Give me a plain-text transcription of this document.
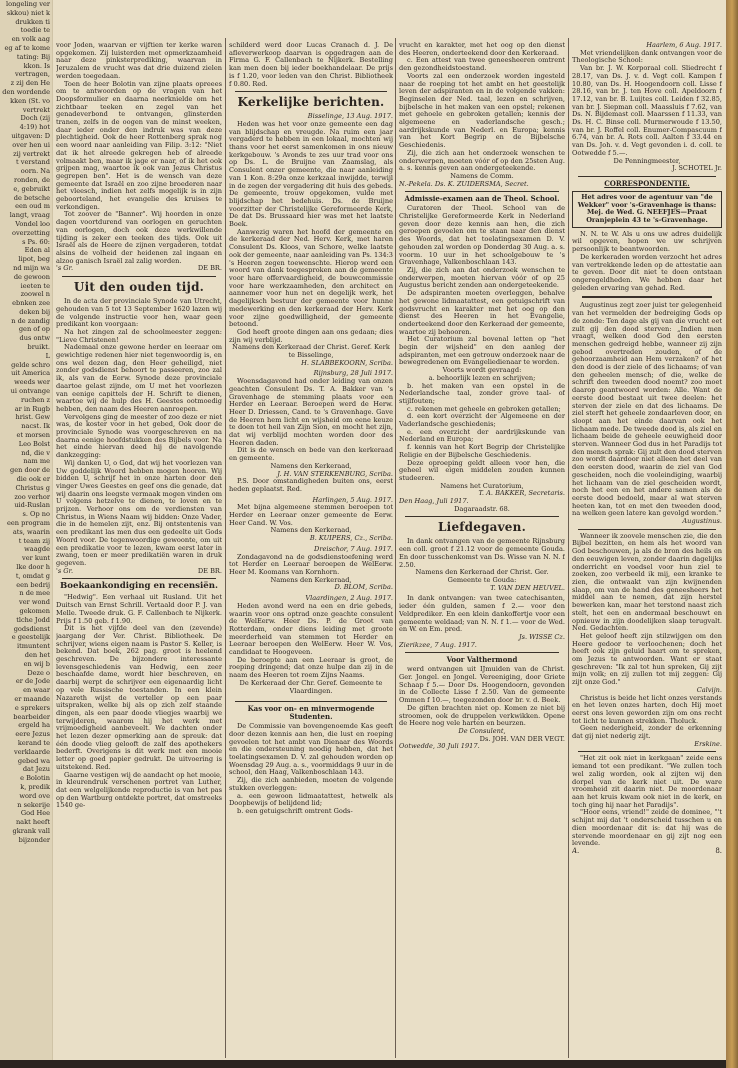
longeling ver
skkou) niet k
drukken ti
toedie te
en volk aag
eg af te kome
tating: Bij
kkon. Is
vertragen,
z zij den He
den wordende
kken (St. vo
vertrekt
Doch (zij
4:19) hot
uitgaven: D
over hen ui
zij vertrekt
t verstand
oorn. Na
ronden, de
e, gebruikt
de betsche
een oud m
langt, vraag
Vondel loo
overzetting
s Ps. 60:
Eden al
lipot, beg
nd mijn wa
de gewoon
ieeten te
zoowel n
ebnken zee
deken bij
n de zandig
gen of op
dus ontw
bruikt.
L
gelde schro
uit America
weeds wer
ui ontvange
ruchen z
ar in Rugb
hrist. Gew
nacst. Ik
et morsen
Leo Bolst
nd, die v
nam me
gen door de
die ook er
Christus g
zoo verhor
uid-Ruslan
s. Op no
een program
ats, waarin
t team zij
waagde
ver kunt
lke door h
t, omdat g
een bedrij
n de mee
ver wond
gekomen
tlche Jodd
godsdienst
e geestelijk
itmuntent
den het
en wij b
Deze o
er de Jode
en waar
er maande
e sprekers
bearbeider
ergeld ha
eere Jezus
kerand te
verklaarde
gebed wa
dat Jezu
e Bolotin
k, predik
word ove
n sekerije
God Hee
nakt heeft
gkrank vall
bijzonder

voor Joden, waarvan er vijftien ter kerke waren opgekomen. Zij luisterden met opmerkzaamheid naar deze pinksterprediking, waarvan in Jeruzalem de vrucht was dat drie duizend zielen werden toegedaan.

Toen de heer Bolotin van zijne plaats opreees om te antwoorden op de vragen van het Doopsformulier en daarna neerknielde om het zichtbaar teeken en zegel van het genadeverbond te ontvangen, glinsterden tranen, zelfs in de oogen van de minst weeken, daar ieder onder den indruk was van deze plechtigheid. Ook de heer Rottenberg sprak nog een woord naar aanleiding van Filip. 3:12: "Niet dat ik het alreede gekregen heb of alreede volmaakt ben, maar ik jage er naar, of ik het ook grijpen mag, waartoe ik ook van Jezus Christus gegrepen ben". Het is de wensch van deze gemeente dat Israël en zoo zijne broederen naar het vleesch, indien het zelfs mogelijk is in zijn geboorteland, het evangelie des kruises te verkondigen.

Tot zoover de "Banner". Wij hoorden in onze dagen voortdurend van oorlogen en geruchten van oorlogen, doch ook deze werkwillende tijding is zeker een teeken des tijds. Ook uit Israël als de Heere de zijnen vergaderen, totdat alsins de volheid der heidenen zal ingaan en alzoo ganisch Israël zal zalig worden.

's Gr.	DE BR.

Uit den ouden tijd.

In de acta der provinciale Synode van Utrecht, gehouden van 5 tot 13 September 1620 lazen wij de volgende instructie voor hen, waar geen predikant kon voorgaan:

Na het zingen zal de schoolmeester zeggen: "Lieve Christenen!

Nademaal onze gewone herder en leeraar om gewichtige redenen hier niet tegenwoordig is, en ons wel dezen dag, den Heer geheiligd, niet zonder godsdienst behoort te passeeren, zoo zal ik, als van de Eerw. Synode deze provinciale daartoe gelast zijnde, om U met het voorlezen van eenige capittels der H. Schrift te dienen, waartoe wij de hulp des H. Geestes ootmoedig hebben, den naam des Heeren aanroepen.

Vervolgens ging de meester of zoo deze er niet was, de koster voor in het gebed, Ook door de provinciale Synode was voorgeschreven en na daarna eenige hoofdstukken des Bijbels voor. Na het einde hiervan deed hij de navolgende dankzegging:

Wij danken U, o God, dat wij het voorlezen van Uw goddelijk Woord hebben mogen hooren. Wij bidden U, schrijf het in onze harten door den vinger Uwes Geestes en geef ons die genade, dat wij daarin ons leegste vermaak mogen vinden om U volgens hetzelve te dienen, te loven en te prijzen. Verhoor ons om de verdiensten van Christus, in Wiens Naam wij bidden: Onze Vader, die in de hemelen zijt, enz. Bij ontstentenis van een predikant las men dus een gedeelte uit Gods Woord voor. De tegenwoordige gewoonte, om uit een predikatie voor te lezen, kwam eerst later in zwang, toen er meer predikatiën waren in druk gegeven.

's Gr.	DE BR.

Boekaankondiging en recensiën.

"Hedwig". Een verhaal uit Rusland. Uit het Duitsch van Ernst Schrill. Vertaald door P. J. van Melle. Tweede druk. G. F. Callenbach te Nijkerk. Prijs f 1.50 geb. f 1.90.

Dit is het vijfde deel van den (zevende) jaargang der Ver. Christ. Bibliotheek. De schrijver, wiens eigen naam is Pastor S. Keller, is bekend. Dat boek, 262 pag. groot is heelend geschreven. De bijzondere interessante levensgeschiedenis van Hedwig, een zeer beschaafde dame, wordt hier beschreven, en daarbij werpt de schrijver een eigenaardig licht op vele Russische toestanden. In een klein Nazareth wijst de verteller op een paar uitspraken, welke bij als op zich zelf staande dingen, als een paar doode vliegjes waarbij we terwijderen, waarom hij het werk met vrijmoedigheid aanbeveelt. We dachten onder het lezen dezer opmerking aan de spreuk: dat één doode vlieg gelooft de zalf des apothekers bederft. Overigens is dit werk met een mooie letter op goed papier gedrukt. De uitvoering is uitstekend. Red.

Gaarne vestigen wij de aandacht op het mooie, in kleurendruk verschenen portret van Luther, dat een welgelijkende reproductie is van het pas op den Wartburg ontdekte portret, dat omstreeks 1540 ge-

schilderd werd door Lucas Cranach d. J. De afleverwerkoop daarvan is opgedragen aan de Firma G. F. Callenbach te Nijkerk. Bestelling kan men doen bij ieder boekhandelaar. De prijs is f 1.20, voor leden van den Christ. Bibliotheek f 0.80. Red.

Kerkelijke berichten.

Bisselinge, 13 Aug. 1917.

Heden was het voor onze gemeente een dag van blijdschap en vreugde. Na ruim een jaar vergaderd te hebben in een lokaal, mochten wij thans voor het eerst samenkomen in ons nieuw kerkgebouw. 's Avonds te zes uur trad voor ons op Ds. L. de Bruijne van Zaamslag, als Consulent onzer gemeente, die naar aanleiding van 1 Kon. 8:29a onze kerkzaal inwijdde, terwijl in de zegen der vergadering dit huis des gebeds. De gemeente, trouw opgekomen, vulde met blijdschap het bedehuis. Ds. de Bruijne voorzitter der Christelijke Gereformeerde Kerk, De dat Ds. Brussaard hier was met het laatste Boek.

Aanwezig waren het hoofd der gemeente en de kerkeraad der Ned. Herv. Kerk, met haren Consulent Ds. Kloos, van Schore, welke laatste ook der gemeente, naar aanleiding van Ps. 134:3 's Heeren zegen toewenschte. Hierop werd een woord van dank toegesproken aan de gemeente voor hare offervaardigheid, de bouwcommissie voor hare werkzaamheden, den architect en aannemer voor hun net en degelijk werk, het dagelijksch bestuur der gemeente voor hunne medewerking en den kerkeraad der Herv. Kerk voor zijne goedwilligheid, der gemeente betoond.

God heeft groote dingen aan ons gedaan; dies zijn wij verblijd.

Namens den Kerkeraad der Christ. Geref. Kerk te Bisselinge,

H. SLABBEKOORN, Scriba.

Rijnsburg, 28 Juli 1917.

Woensdagavond had onder leiding van onzen geachten Consulent Ds. T. A. Bakker van 's Gravenhage de stemming plaats voor een Herder en Leeraar. Beroepen werd de Herw. Heer D. Driessen, Cand. te 's Gravenhage. Gave de Heeren hem licht en wijsheid om eene keuze te doen tot heil van Zijn Sion, en mocht het zijn, dat wij verblijd mochten worden door des Heeren daden.

Dit is de wensch en bede van den kerkeraad en gemeente.

Namens den Kerkeraad,

J. H. VAN STERKENBURG, Scriba.

P.S. Door omstandigheden buiten ons, eerst heden geplaatst. Red.

Harlingen, 5 Aug. 1917.

Met bijna algemeene stemmen beroepen tot Herder en Leeraar onzer gemeente de Eerw. Heer Cand. W. Vos.

Namens den Kerkeraad,

B. KUIPERS, Cz., Scriba.

Dreischor, 7 Aug. 1917.

Zondagavond na de godsdienstoefening werd tot Herder en Leeraar beroepen de WelEerw. Heer M. Koomans van Kornhorn.

Namens den Kerkeraad,

D. BLOM, Scriba.

Vlaardingen, 2 Aug. 1917.

Heden avond werd na een en drie gebeds, waarin voor ons optrad onze geachte consulent de WelEerw. Heer Ds. P. de Groot van Rotterdam, onder diens leiding met groote meerderheid van stemmen tot Herder en Leeraar beroepen den WelEerw. Heer W. Vos, candidaat te Hoogeveen.

De beroepte aan een Leeraar is groot, de roeping dringend; dat onze hulpe dan zij in de naam des Heeren tot roem Zijns Naams.

De Kerkeraad der Chr. Geref. Gemeente te Vlaardingen.

Kas voor on- en minvermogende Studenten.

De Commissie van bovengenoemde Kas geeft door dezen kennis aan hen, die lust en roeping gevoelen tot het ambt van Dienaar des Woords en die ondersteuning noodig hebben, dat het toelatingsexamen D. V. zal gehouden worden op Woensdag 29 Aug. a. s., voormiddags 9 uur in de school, den Haag, Valkenboschlaan 143.

Zij, die zich aanbieden, moeten de volgende stukken overleggen:

a. een gewoon lidmaatattest, hetwelk als Doopbewijs of belijdend lid;

b. een getuigschrift omtrent Gods-

vrucht en karakter, met het oog op den dienst des Heeren, onderteekend door den Kerkeraad.

c. Een attest van twee geneesheeren omtrent den gezondheidstoestand.

Voorts zal een onderzoek worden ingesteld naar de roeping tot het ambt en het geestelijk leven der adspiranten en in de volgende vakken: Beginselen der Ned. taal, lezen en schrijven, bijbelsche in het maken van een opstel; rekenen met gehoele en gebroken getallen; kennis der algemeene en vaderlandsche gesch.; aardrijkskunde van Nederl. en Europa; kennis van het Kort Begrip en de Bijbelsche Geschiedenis.

Zij, die zich aan het onderzoek wenschen te onderwerpen, moeten vóór of op den 25sten Aug. a. s. kennis geven aan ondergeteekende.

Namens de Comm.

N.-Pekela. Ds. K. ZUIDERSMA, Secret.

Admissie-examen aan de Theol. School.

Curatoren der Theol. School van de Christelijke Gereformeerde Kerk in Nederland geven door deze kennis aan hen, die zich geroepen gevoelen om te staan naar den dienst des Woords, dat het toelatingsexamen D. V. gehouden zal worden op Donderdag 30 Aug. a. s. voorm. 10 uur in het schoolgebouw te 's Gravenhage, Valkenboschlaan 143.

Zij, die zich aan dat onderzoek wenschen te onderwerpen, moeten hiervan vóór of op 25 Augustus bericht zenden aan ondergeteekende.

De adspiranten moeten overleggen, behalve het gewone lidmaatattest, een getuigschrift van godsvrucht en karakter met het oog op den dienst des Heeren in het Evangelie, onderteekend door den Kerkeraad der gemeente, waartoe zij behooren.

Het Curatorium zal bovenal letten op "het begin der wijsheid" en den aanleg der adspiranten, met een getrouw onderzoek naar de bewegredenen om Evangeliedienaar te worden.

Voorts wordt gevraagd:

a. behoorlijk lezen en schrijven;

b. het maken van een opstel in de Nederlandsche taal, zonder grove taal- of stijlfouten;

c. rekenen met geheele en gebroken getallen;

d. een kort overzicht der Algemeene en der Vaderlandsche geschiedenis;

e. een overzicht der aardrijkskunde van Nederland en Europa;

f. kennis van het Kort Begrip der Christelijke Religie en der Bijbelsche Geschiedenis.

Deze oproeping geldt alleen voor hen, die geheel wil eigen middelen zouden kunnen studeeren.

Namens het Curatorium,

T. A. BAKKER, Secretaris.

Den Haag, Juli 1917.

Dagaraadstr. 68.

Liefdegaven.

In dank ontvangen van de gemeente Rijnsburg een coll. groot f 21.12 voor de gemeente Gouda. En door tusschenkomst van Ds. Wisse van N. N. f 2.50.

Namens den Kerkeraad der Christ. Ger. Gemeente te Gouda:

T. VAN DEN HEUVEL.

In dank ontvangen: van twee catechisanten, ieder één gulden, samen f 2.— voor den Veldprediker. En een klein dankoffertje voor een gemeente weldaad; van N. N. f 1.— voor de Wed. en W. en Em. pred.

Js. WISSE Cz.

Zierikzee, 7 Aug. 1917.

Voor Valthermond

werd ontvangen uit IJmuiden van de Christ. Ger. Jongel. en Jongel. Vereeniging, door Griete Schaap f 5.— Door Ds. Hoogendoorn, gevonden in de Collecte Lisse f 2.50. Van de gemeente Ommen f 10.—, toegezonden door br. v. d. Beek.

De giften brachten niet op. Komen ze niet bij stroomen, ook de druppelen verkwikken. Opene de Heere nog vele harten en beurzen.

De Consulent,

Ds. JOH. VAN DER VEGT.

Ootwedde, 30 Juli 1917.

Haarlem, 6 Aug. 1917.

Met vriendelijken dank ontvangen voor de Theologische School:

Van br. J. W. Korporaal coll. Sliedrecht f 28.17, van Ds. J. v. d. Vegt coll. Kampen f 10.80, van Ds. H. Hoogendoorn coll. Lisse f 28.16, van br. J. ten Hove coll. Apeldoorn f 17.12, van br. B. Luijtes coll. Leiden f 32.85, van br. J. Siepman coll. Maassluis f 7.62, van Ds. N. Bijdemast coll. Maarssen f 11.33, van Ds. H. C. Binse coll. Murmerwoude f 13.50, van br. J. Roffel coll. Enumer-Compascuum f 6.74, van br. A. Rots coll. Aalten f 33.44 en van Ds. Joh. v. d. Vegt gevonden i. d. coll. te Ootwedde f 5.—.

De Penningmeester,

J. SCHOTEL Jr.

CORRESPONDENTIE.

Het adres voor de agentuur van "de Wekker" voor 's-Gravenhage is thans:

Mej. de Wed. G. NEEFJES—Praat

Oranjeplein 43 te 's-Gravenhage.

N. N. te W. Als u ons uw adres duidelijk wil opgeven, hopen we uw schrijven persoonlijk te beantwoorden.

De kerkeraden worden verzocht het adres van vertrekkende leden op de attestatie aan te geven. Door dit niet te doen ontstaan ongeregeldheden. We hebben daar het geleden ervaring van gehad. Red.

Augustinus zegt zoer juist ter gelegenheid van het vermelden der bedreiging Gods op de zonde: Ten dage als gij van die vrucht eet zult gij den dood sterven: „Indien men vraagt, welken dood God den eersten menschen gedreigd hebbe, wanneer zij zijn gebod overtreden zouden, of de gehoorzaamheid aan Hem verzaken? of het den dood is der ziele of des lichaams; of van den geheelen mensch; of die, welke de schrift den tweeden dood noemt? zoo moet daarop geantwoord worden: Alle. Want de eerste dood bestaat uit twee deelen: het sterven der ziele en dat des lichaams. De ziel sterft het geheele zondaarleven door, en sloopt aan het einde daarvan ook het lichaam mede. De tweede dood is, als ziel en lichaam beide de geheele eeuwigheid door sterven. Wanneer God dus in het Paradijs tot den mensch sprak: Gij zult den dood sterven zoo wordt daardoor niet alleen het deel van den eersten dood, waarin de ziel van God gescheiden, noch die vooleindiging, waarbij het lichaam van de ziel gescheiden wordt, noch het een en het andere samen als de eerste dood bedoeld, maar al wat sterven heeten kan, tot en met den tweeden dood, na welken geen latere kan gevolgd worden."

Augustinus.

Wanneer ik zoovele menschen zie, die den Bijbel bezitten, en hem als het woord van God beschouwen, ja als de bron des heils en den eeuwigen leven, zonder daarin dagelijks onderricht en voedsel voor hun ziel te zoeken, zoo verbeeld ik mij, een kranke te zien, die ontwaakt van zijn kwijnenden slaap, om van de hand des geneesheers het middel aan te nemen, dat zijn herstel bewerken kan, maar het terstond naast zich stelt, het een en andermaal beschouwt en opnieuw in zijn doodelijken slaap terugvalt. Ned. Gedachten.

Het geloof heeft zijn stilzwijgen om den Heere gedoor te verloochenen; doch het heeft ook zijn geluid haart om te spreken, om Jezus te antwoorden. Want er staat geschreven: "Ik zal tot hun spreken, Gij zijt mijn volk; en zij zullen tot mij zeggen: Gij zijt onze God."

Calvijn.

Christus is beide het licht onzes verstands en het leven onzes harten, doch Hij moet eerst ons leven geworden zijn om ons recht tot licht te kunnen strekken. Tholuck.

Geen nederigheid, zonder de erkenning dat gij niet nederig zijt.

Erskine.

"Het zit ook niet in kerkgaan" zeide eens iemand tot een predikant. "We zullen toch wel zalig worden, ook al zijten wij den dorpel van de kerk niet uit. De ware vroomheid zit daarin niet. De moordenaar aan het kruis kwam ook niet in de kerk, en toch ging hij naar het Paradijs".

"Hoor eens, vriend!" zeide de dominee, "'t schijnt mij dat 't onderscheid tusschen u en dien moordenaar dit is: dat hij was de stervende moordenaar en gij zijt nog een levende.

A.	8.
